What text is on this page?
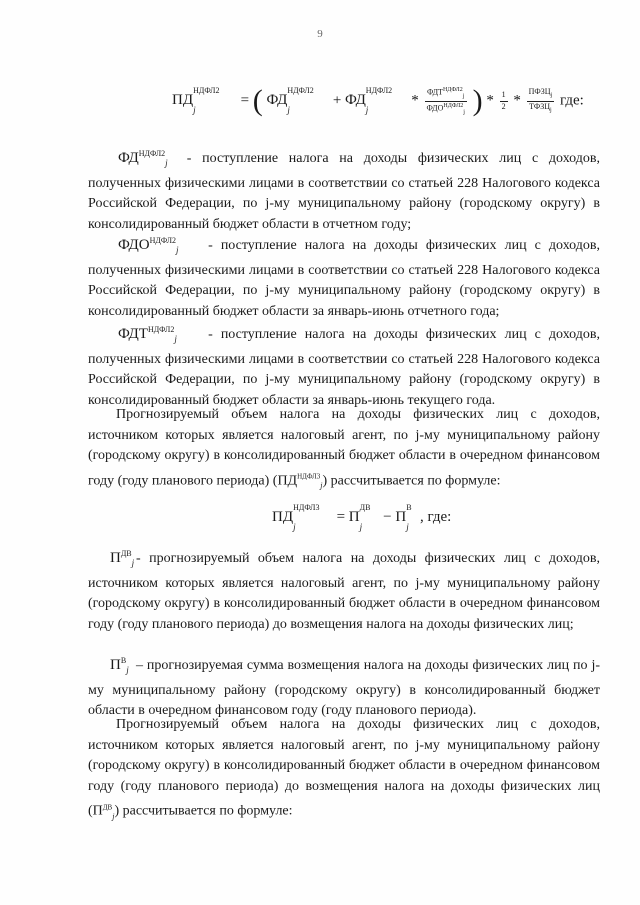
9
ПД
НДФЛ2
j
= ( ФД
НДФЛ2
j
+ ФД
НДФЛ2
j
* $\frac{ФДТ^{НДФЛ2}_j}{ФДО^{НДФЛ2}_j}$ ) * $\frac{1}{2} * \frac{ПФЗЦ_j}{ТФЗЦ_j}$ где:
$ФД^{НДФЛ2}_j$ - поступление налога на доходы физических лиц с доходов, полученных физическими лицами в соответствии со статьей 228 Налогового кодекса Российской Федерации, по j-му муниципальному району (городскому округу) в консолидированный бюджет области в отчетном году;
$ФДО^{НДФЛ2}_j$ - поступление налога на доходы физических лиц с доходов, полученных физическими лицами в соответствии со статьей 228 Налогового кодекса Российской Федерации, по j-му муниципальному району (городскому округу) в консолидированный бюджет области за январь-июнь отчетного года;
$ФДТ^{НДФЛ2}_j$ - поступление налога на доходы физических лиц с доходов, полученных физическими лицами в соответствии со статьей 228 Налогового кодекса Российской Федерации, по j-му муниципальному району (городскому округу) в консолидированный бюджет области за январь-июнь текущего года.
Прогнозируемый объем налога на доходы физических лиц с доходов, источником которых является налоговый агент, по j-му муниципальному району (городскому округу) в консолидированный бюджет области в очередном финансовом году (году планового периода) $(ПД^{НДФЛ3}_j)$ рассчитывается по формуле:
ПД
НДФЛ3
j
= П
ДВ
j
− П
В
j
, где:
$П^{ДВ}_j$ - прогнозируемый объем налога на доходы физических лиц с доходов, источником которых является налоговый агент, по j-му муниципальному району (городскому округу) в консолидированный бюджет области в очередном финансовом году (году планового периода) до возмещения налога на доходы физических лиц;
$П^В_j$ – прогнозируемая сумма возмещения налога на доходы физических лиц по j-му муниципальному району (городскому округу) в консолидированный бюджет области в очередном финансовом году (году планового периода).
Прогнозируемый объем налога на доходы физических лиц с доходов, источником которых является налоговый агент, по j-му муниципальному району (городскому округу) в консолидированный бюджет области в очередном финансовом году (году планового периода) до возмещения налога на доходы физических лиц $(П^{ДВ}_j)$ рассчитывается по формуле:
